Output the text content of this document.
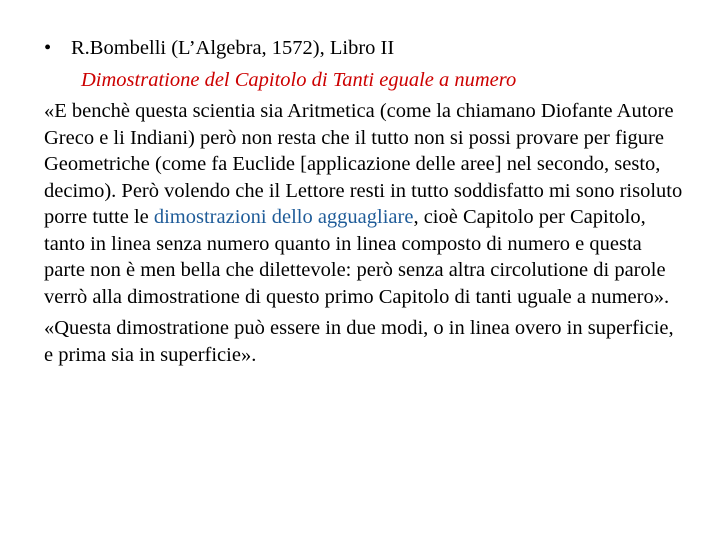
• R.Bombelli (L’Algebra, 1572), Libro II
Dimostratione del Capitolo di Tanti eguale a numero

«E benchè questa scientia sia Aritmetica (come la chiamano Diofante Autore Greco e li Indiani) però non resta che il tutto non si possi provare per figure Geometriche (come fa Euclide [applicazione delle aree] nel secondo, sesto, decimo). Però volendo che il Lettore resti in tutto soddisfatto mi sono risoluto porre tutte le dimostrazioni dello agguagliare, cioè Capitolo per Capitolo, tanto in linea senza numero quanto in linea composto di numero e questa parte non è men bella che dilettevole: però senza altra circolutione di parole verrò alla dimostratione di questo primo Capitolo di tanti uguale a numero».

«Questa dimostratione può essere in due modi, o in linea overo in superficie, e prima sia in superficie».
